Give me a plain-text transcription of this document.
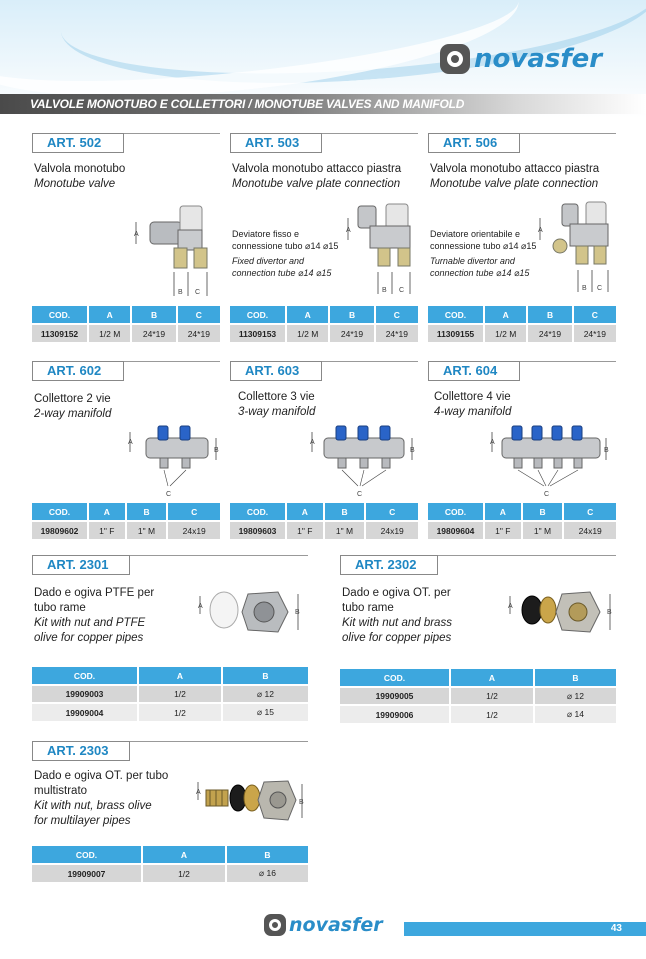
novasfer
VALVOLE MONOTUBO E COLLETTORI / MONOTUBE VALVES AND MANIFOLD
ART. 502
Valvola monotubo
Monotube valve
A
B C
COD.	A	B	C
11309152	1/2 M	24*19	24*19
ART. 503
Valvola monotubo attacco piastra
Monotube valve plate connection
Deviatore fisso e
connessione tubo ⌀14 ⌀15
Fixed divertor and
connection tube ⌀14 ⌀15
A
B C
COD.	A	B	C
11309153	1/2 M	24*19	24*19
ART. 506
Valvola monotubo attacco piastra
Monotube valve plate connection
Deviatore orientabile e
connessione tubo ⌀14 ⌀15
Turnable divertor and
connection tube ⌀14 ⌀15
A
B C
COD.	A	B	C
11309155	1/2 M	24*19	24*19
ART. 602
Collettore 2 vie
2-way manifold
A
B
C
COD.	A	B	C
19809602	1" F	1" M	24x19
ART. 603
Collettore 3 vie
3-way manifold
A
B
C
COD.	A	B	C
19809603	1" F	1" M	24x19
ART. 604
Collettore 4 vie
4-way manifold
A
B
C
COD.	A	B	C
19809604	1" F	1" M	24x19
ART. 2301
Dado e ogiva PTFE per
tubo rame
Kit with nut and PTFE
olive for copper pipes
A
B
COD.	A	B
19909003	1/2	⌀ 12
19909004	1/2	⌀ 15
ART. 2302
Dado e ogiva OT. per
tubo rame
Kit with nut and brass
olive for copper pipes
A
B
COD.	A	B
19909005	1/2	⌀ 12
19909006	1/2	⌀ 14
ART. 2303
Dado e ogiva OT. per tubo
multistrato
Kit with nut, brass olive
for multilayer pipes
A
B
COD.	A	B
19909007	1/2	⌀ 16
novasfer	43
